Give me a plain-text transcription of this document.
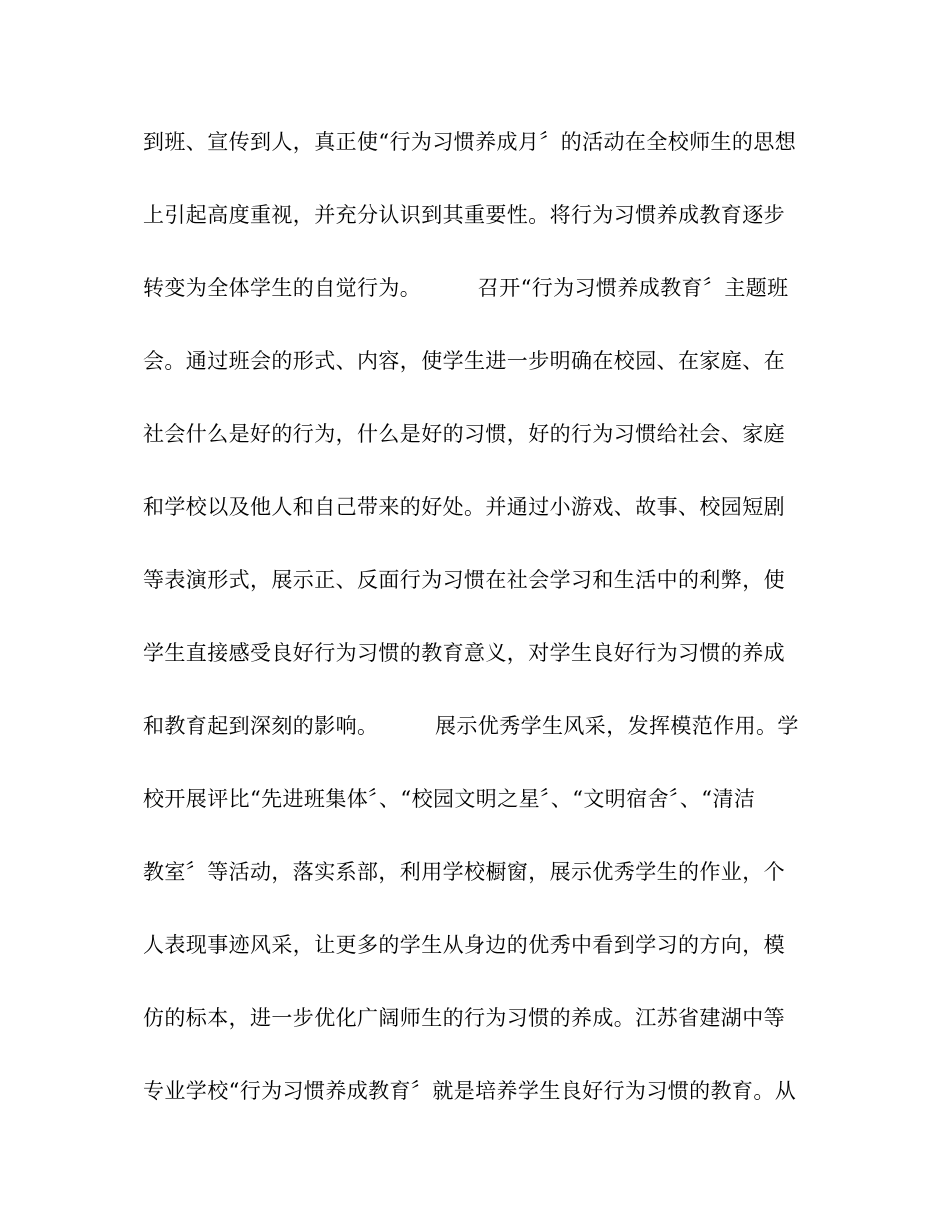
到班、宣传到人，真正使“行为习惯养成月〞的活动在全校师生的思想
上引起高度重视，并充分认识到其重要性。将行为习惯养成教育逐步
转变为全体学生的自觉行为。        召开“行为习惯养成教育〞主题班
会。通过班会的形式、内容，使学生进一步明确在校园、在家庭、在
社会什么是好的行为，什么是好的习惯，好的行为习惯给社会、家庭
和学校以及他人和自己带来的好处。并通过小游戏、故事、校园短剧
等表演形式，展示正、反面行为习惯在社会学习和生活中的利弊，使
学生直接感受良好行为习惯的教育意义，对学生良好行为习惯的养成
和教育起到深刻的影响。        展示优秀学生风采，发挥模范作用。学
校开展评比“先进班集体〞、“校园文明之星〞、“文明宿舍〞、“清洁
教室〞等活动，落实系部，利用学校橱窗，展示优秀学生的作业，个
人表现事迹风采，让更多的学生从身边的优秀中看到学习的方向，模
仿的标本，进一步优化广阔师生的行为习惯的养成。江苏省建湖中等
专业学校“行为习惯养成教育〞就是培养学生良好行为习惯的教育。从
